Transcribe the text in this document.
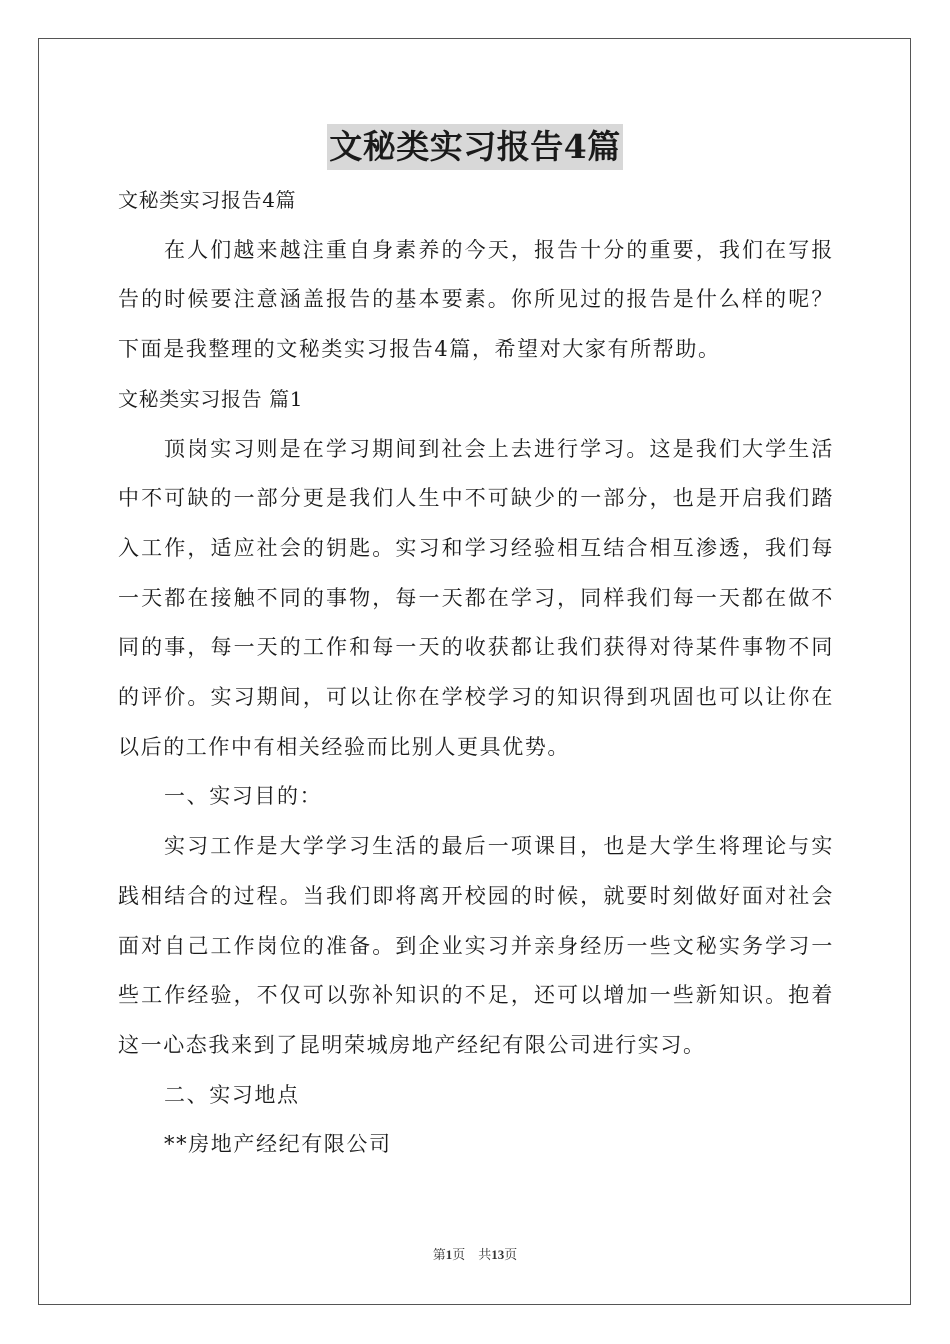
文秘类实习报告4篇

文秘类实习报告4篇

在人们越来越注重自身素养的今天，报告十分的重要，我们在写报告的时候要注意涵盖报告的基本要素。你所见过的报告是什么样的呢？下面是我整理的文秘类实习报告4篇，希望对大家有所帮助。

文秘类实习报告 篇1

顶岗实习则是在学习期间到社会上去进行学习。这是我们大学生活中不可缺的一部分更是我们人生中不可缺少的一部分，也是开启我们踏入工作，适应社会的钥匙。实习和学习经验相互结合相互渗透，我们每一天都在接触不同的事物，每一天都在学习，同样我们每一天都在做不同的事，每一天的工作和每一天的收获都让我们获得对待某件事物不同的评价。实习期间，可以让你在学校学习的知识得到巩固也可以让你在以后的工作中有相关经验而比别人更具优势。

一、实习目的：

实习工作是大学学习生活的最后一项课目，也是大学生将理论与实践相结合的过程。当我们即将离开校园的时候，就要时刻做好面对社会面对自己工作岗位的准备。到企业实习并亲身经历一些文秘实务学习一些工作经验，不仅可以弥补知识的不足，还可以增加一些新知识。抱着这一心态我来到了昆明荣城房地产经纪有限公司进行实习。

二、实习地点

**房地产经纪有限公司

第1页　共13页
